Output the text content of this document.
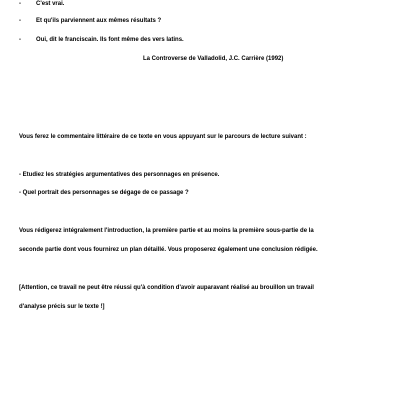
-	C'est vrai.
-	Et qu'ils parviennent aux mêmes résultats ?
-	Oui, dit le franciscain. Ils font même des vers latins.
La Controverse de Valladolid, J.C. Carrière (1992)
Vous ferez le commentaire littéraire de ce texte en vous appuyant sur le parcours de lecture suivant :
- Etudiez les stratégies argumentatives des personnages en présence.
- Quel portrait des personnages se dégage de ce passage ?
Vous rédigerez intégralement l'introduction, la première partie et au moins la première sous-partie de la
seconde partie dont vous fournirez un plan détaillé. Vous proposerez également une conclusion rédigée.
[Attention, ce travail ne peut être réussi qu'à condition d'avoir auparavant réalisé au brouillon un travail
d'analyse précis sur le texte !]
